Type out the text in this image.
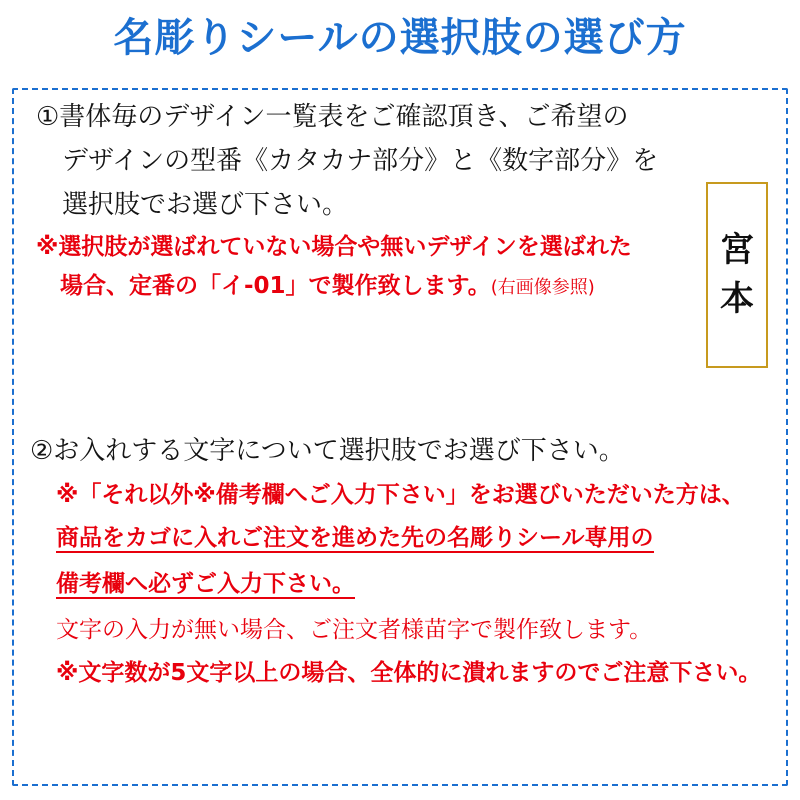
名彫りシールの選択肢の選び方
①書体毎のデザイン一覧表をご確認頂き、ご希望の
デザインの型番《カタカナ部分》と《数字部分》を
選択肢でお選び下さい。
※選択肢が選ばれていない場合や無いデザインを選ばれた
場合、定番の「イ-01」で製作致します。(右画像参照)
宮
本
②お入れする文字について選択肢でお選び下さい。
※「それ以外※備考欄へご入力下さい」をお選びいただいた方は、
商品をカゴに入れご注文を進めた先の名彫りシール専用の
備考欄へ必ずご入力下さい。
文字の入力が無い場合、ご注文者様苗字で製作致します。
※文字数が5文字以上の場合、全体的に潰れますのでご注意下さい。
